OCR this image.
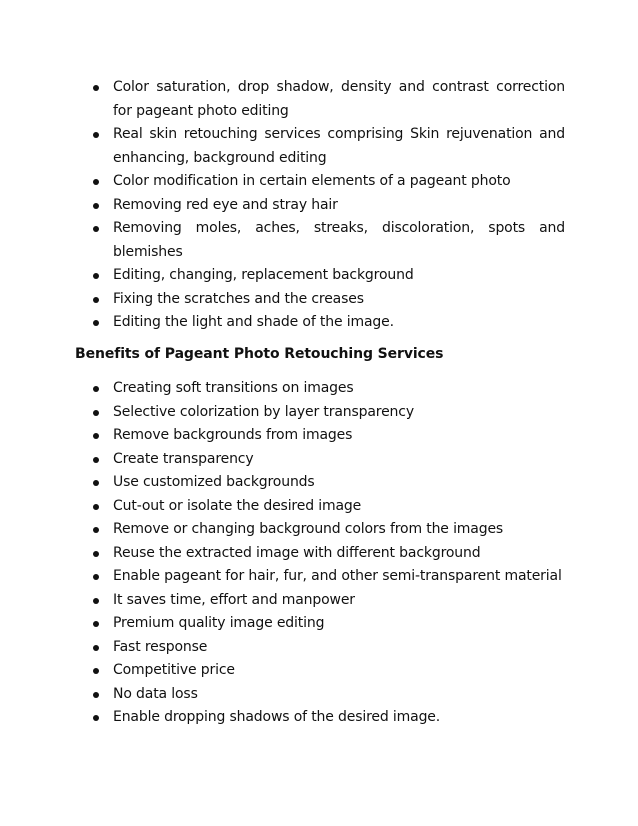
Color saturation, drop shadow, density and contrast correction for pageant photo editing
Real skin retouching services comprising Skin rejuvenation and enhancing, background editing
Color modification in certain elements of a pageant photo
Removing red eye and stray hair
Removing moles, aches, streaks, discoloration, spots and blemishes
Editing, changing, replacement background
Fixing the scratches and the creases
Editing the light and shade of the image.
Benefits of Pageant Photo Retouching Services
Creating soft transitions on images
Selective colorization by layer transparency
Remove backgrounds from images
Create transparency
Use customized backgrounds
Cut-out or isolate the desired image
Remove or changing background colors from the images
Reuse the extracted image with different background
Enable pageant for hair, fur, and other semi-transparent material
It saves time, effort and manpower
Premium quality image editing
Fast response
Competitive price
No data loss
Enable dropping shadows of the desired image.
